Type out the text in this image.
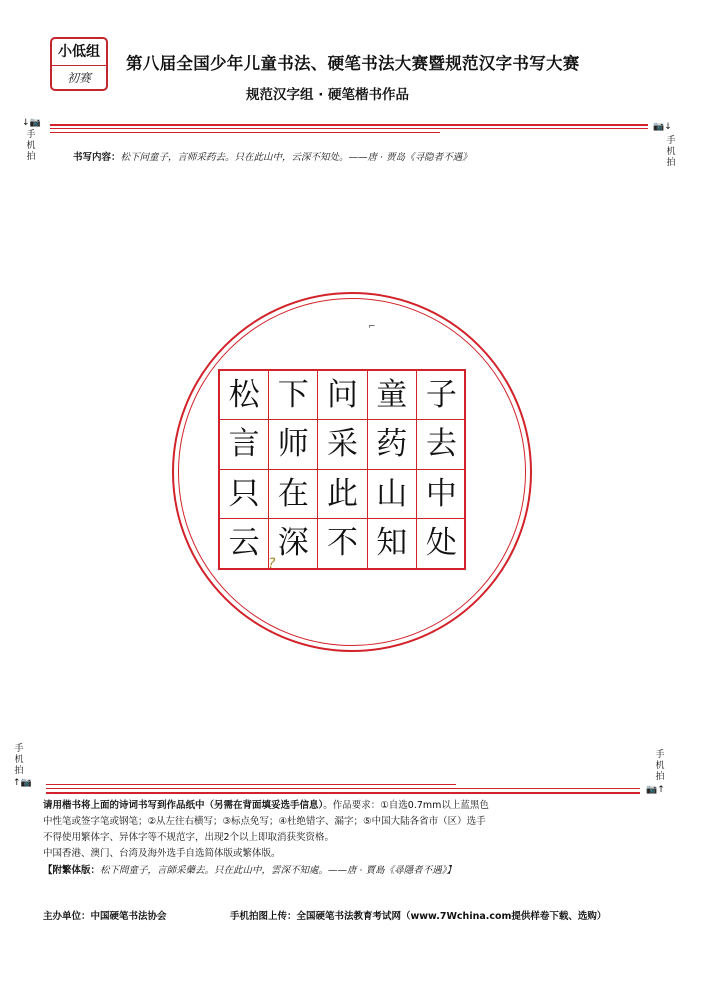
小低组
初赛
第八届全国少年儿童书法、硬笔书法大赛暨规范汉字书写大赛
规范汉字组 · 硬笔楷书作品
↓📷
手
机
拍
📷↓
手
机
拍
书写内容：松下问童子，言师采药去。只在此山中，云深不知处。——唐 · 贾岛《寻隐者不遇》
⌐
松 下 问 童 子
言 师 采 药 去
只 在 此 山 中
云 深 不 知 处
?
手
机
拍
↑📷
手
机
拍
📷↑
请用楷书将上面的诗词书写到作品纸中（另需在背面填妥选手信息）。作品要求：①自选0.7mm以上蓝黑色
中性笔或签字笔或钢笔；②从左往右横写；③标点免写；④杜绝错字、漏字；⑤中国大陆各省市（区）选手
不得使用繁体字、异体字等不规范字，出现2个以上即取消获奖资格。
中国香港、澳门、台湾及海外选手自选简体版或繁体版。
【附繁体版：松下問童子，言師采藥去。只在此山中，雲深不知處。——唐 · 賈島《尋隱者不遇》】
主办单位：中国硬笔书法协会	手机拍图上传：全国硬笔书法教育考试网（www.7Wchina.com提供样卷下载、选购）
